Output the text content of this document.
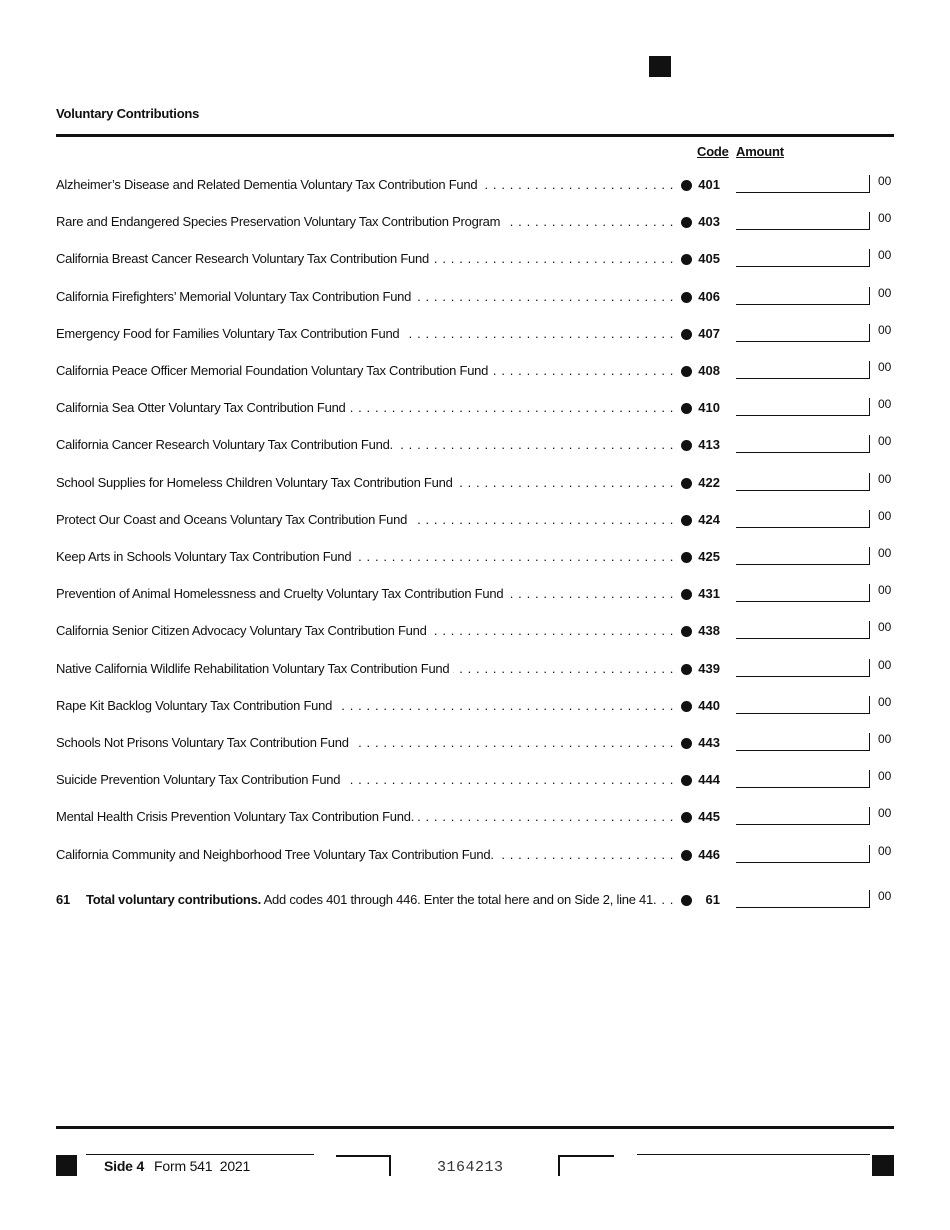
Voluntary Contributions
Code Amount
Alzheimer’s Disease and Related Dementia Voluntary Tax Contribution Fund . . .	401	00
Rare and Endangered Species Preservation Voluntary Tax Contribution Program . . .	403	00
California Breast Cancer Research Voluntary Tax Contribution Fund . . .	405	00
California Firefighters’ Memorial Voluntary Tax Contribution Fund . . .	406	00
Emergency Food for Families Voluntary Tax Contribution Fund . . .	407	00
California Peace Officer Memorial Foundation Voluntary Tax Contribution Fund . . .	408	00
California Sea Otter Voluntary Tax Contribution Fund . . .	410	00
California Cancer Research Voluntary Tax Contribution Fund. . . .	413	00
School Supplies for Homeless Children Voluntary Tax Contribution Fund . . .	422	00
Protect Our Coast and Oceans Voluntary Tax Contribution Fund . . .	424	00
Keep Arts in Schools Voluntary Tax Contribution Fund . . .	425	00
Prevention of Animal Homelessness and Cruelty Voluntary Tax Contribution Fund . . .	431	00
California Senior Citizen Advocacy Voluntary Tax Contribution Fund . . .	438	00
Native California Wildlife Rehabilitation Voluntary Tax Contribution Fund . . .	439	00
Rape Kit Backlog Voluntary Tax Contribution Fund . . .	440	00
Schools Not Prisons Voluntary Tax Contribution Fund . . .	443	00
Suicide Prevention Voluntary Tax Contribution Fund . . .	444	00
Mental Health Crisis Prevention Voluntary Tax Contribution Fund. . . .	445	00
California Community and Neighborhood Tree Voluntary Tax Contribution Fund. . . .	446	00
61 Total voluntary contributions. Add codes 401 through 446. Enter the total here and on Side 2, line 41. . . .	61	00
Side 4 Form 541  2021	3164213
